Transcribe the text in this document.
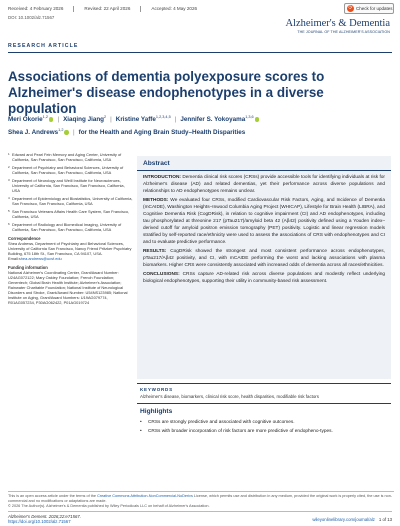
Received: 4 February 2026	Revised: 22 April 2026	Accepted: 4 May 2026
DOI: 10.1002/alz.71567
⟳ Check for updates
Alzheimer's & Dementia
THE JOURNAL OF THE ALZHEIMER'S ASSOCIATION
RESEARCH ARTICLE
Associations of dementia polyexposure scores to Alzheimer's disease endophenotypes in a diverse population
Meri Okorie$^{1,2}$ | Xiaqing Jiang$^2$ | Kristine Yaffe$^{1,2,3,4,5}$ | Jennifer S. Yokoyama$^{1,3,6}$
Shea J. Andrews$^{1,2}$ | for the Health and Aging Brain Study–Health Disparities
1 Edward and Pearl Fein Memory and Aging Center, University of California, San Francisco, San Francisco, California, USA
2 Department of Psychiatry and Behavioral Sciences, University of California, San Francisco, San Francisco, California, USA
3 Department of Neurology and Weill Institute for Neurosciences, University of California, San Francisco, San Francisco, California, USA
4 Department of Epidemiology and Biostatistics, University of California, San Francisco, San Francisco, California, USA
5 San Francisco Veterans Affairs Health Care System, San Francisco, California, USA
6 Department of Radiology and Biomedical Imaging, University of California, San Francisco, San Francisco, California, USA
Correspondence
Shea Andrews, Department of Psychiatry and Behavioral Sciences, University of California San Francisco, Nancy Friend Pritzker Psychiatry Building, 675 18th St., San Francisco, CA 94107, USA.
Email:shea.andrews@ucsf.edu
Funding information
National Alzheimer's Coordinating Center, Grant/Award Number: U24AG072122; Mary Oakley Foundation; French Foundation; Genentech; Global Brain Health Institute; Alzheimer's Association; Rainwater Charitable Foundation; National Institute of Neurological Disorders and Stroke, Grant/Award Number: U54NS123985; National Institute on Aging, Grant/Award Numbers: U19AG079774, R01AG057234, P30AG062422, P01AG019724
Abstract

INTRODUCTION: Dementia clinical risk scores (CRSs) provide accessible tools for identifying individuals at risk for Alzheimer's disease (AD) and related dementias, yet their performance across diverse populations and relationships to AD endophenotypes remains unclear.

METHODS: We evaluated four CRSs, modified Cardiovascular Risk Factors, Aging, and Incidence of Dementia (mCAIDE), Washington Heights–Inwood Columbia Aging Project (WHICAP), Lifestyle for Brain Health (LIBRA), and Cognitive Dementia Risk (CogDRisk), in relation to cognitive impairment (CI) and AD endophenotypes, including tau phosphorylated at threonine 217 (pTau217)/amyloid beta 42 (Aβ42) positivity defined using a Youden index–derived cutoff for amyloid positron emission tomography (PET) positivity. Logistic and linear regression models stratified by self-reported race/ethnicity were used to assess the associations of CRS with endophenotypes and CI and to evaluate predictive performance.

RESULTS: CogDRisk showed the strongest and most consistent performance across endophenotypes, pTau217/Aβ42 positivity, and CI, with mCAIDE performing the worst and lacking associations with plasma biomarkers. Higher CRS were consistently associated with increased odds of dementia across all races/ethnicities.

CONCLUSIONS: CRSs capture AD-related risk across diverse populations and modestly reflect underlying biological endophenotypes, supporting their utility in community-based risk assessment.

KEYWORDS
Alzheimer's disease, biomarkers, clinical risk score, health disparities, modifiable risk factors
Highlights
•	CRSs are strongly predictive and associated with cognitive outcomes.
•	CRSs with broader incorporation of risk factors are more predictive of endopheno-types.
This is an open access article under the terms of the Creative Commons Attribution-NonCommercial-NoDerivs License, which permits use and distribution in any medium, provided the original work is properly cited, the use is non-commercial and no modifications or adaptations are made.
© 2026 The Author(s). Alzheimer's & Dementia published by Wiley Periodicals LLC on behalf of Alzheimer's Association.
Alzheimer's Dement. 2026;22:e71567.
https://doi.org/10.1002/alz.71567	wileyonlinelibrary.com/journal/alz 1 of 13
